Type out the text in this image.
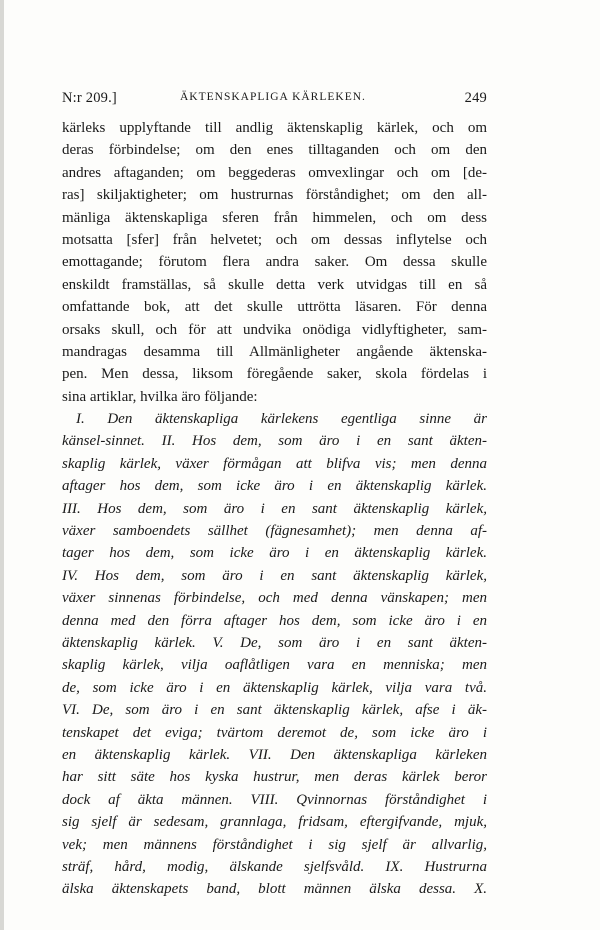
N:r 209.]	ÄKTENSKAPLIGA KÄRLEKEN.	249
kärleks upplyftande till andlig äktenskaplig kärlek, och om
deras förbindelse; om den enes tilltaganden och om den
andres aftaganden; om beggederas omvexlingar och om [de-
ras] skiljaktigheter; om hustrurnas förståndighet; om den all-
mänliga äktenskapliga sferen från himmelen, och om dess
motsatta [sfer] från helvetet; och om dessas inflytelse och
emottagande; förutom flera andra saker. Om dessa skulle
enskildt framställas, så skulle detta verk utvidgas till en så
omfattande bok, att det skulle uttrötta läsaren. För denna
orsaks skull, och för att undvika onödiga vidlyftigheter, sam-
mandragas desamma till Allmänligheter angående äktenska-
pen. Men dessa, liksom föregående saker, skola fördelas i
sina artiklar, hvilka äro följande:
I. Den äktenskapliga kärlekens egentliga sinne är
känsel-sinnet. II. Hos dem, som äro i en sant äkten-
skaplig kärlek, växer förmågan att blifva vis; men denna
aftager hos dem, som icke äro i en äktenskaplig kärlek.
III. Hos dem, som äro i en sant äktenskaplig kärlek,
växer samboendets sällhet (fägnesamhet); men denna af-
tager hos dem, som icke äro i en äktenskaplig kärlek.
IV. Hos dem, som äro i en sant äktenskaplig kärlek,
växer sinnenas förbindelse, och med denna vänskapen; men
denna med den förra aftager hos dem, som icke äro i en
äktenskaplig kärlek. V. De, som äro i en sant äkten-
skaplig kärlek, vilja oaflåtligen vara en menniska; men
de, som icke äro i en äktenskaplig kärlek, vilja vara två.
VI. De, som äro i en sant äktenskaplig kärlek, afse i äk-
tenskapet det eviga; tvärtom deremot de, som icke äro i
en äktenskaplig kärlek. VII. Den äktenskapliga kärleken
har sitt säte hos kyska hustrur, men deras kärlek beror
dock af äkta männen. VIII. Qvinnornas förståndighet i
sig sjelf är sedesam, grannlaga, fridsam, eftergifvande, mjuk,
vek; men männens förståndighet i sig sjelf är allvarlig,
sträf, hård, modig, älskande sjelfsvåld. IX. Hustrurna
älska äktenskapets band, blott männen älska dessa. X.
